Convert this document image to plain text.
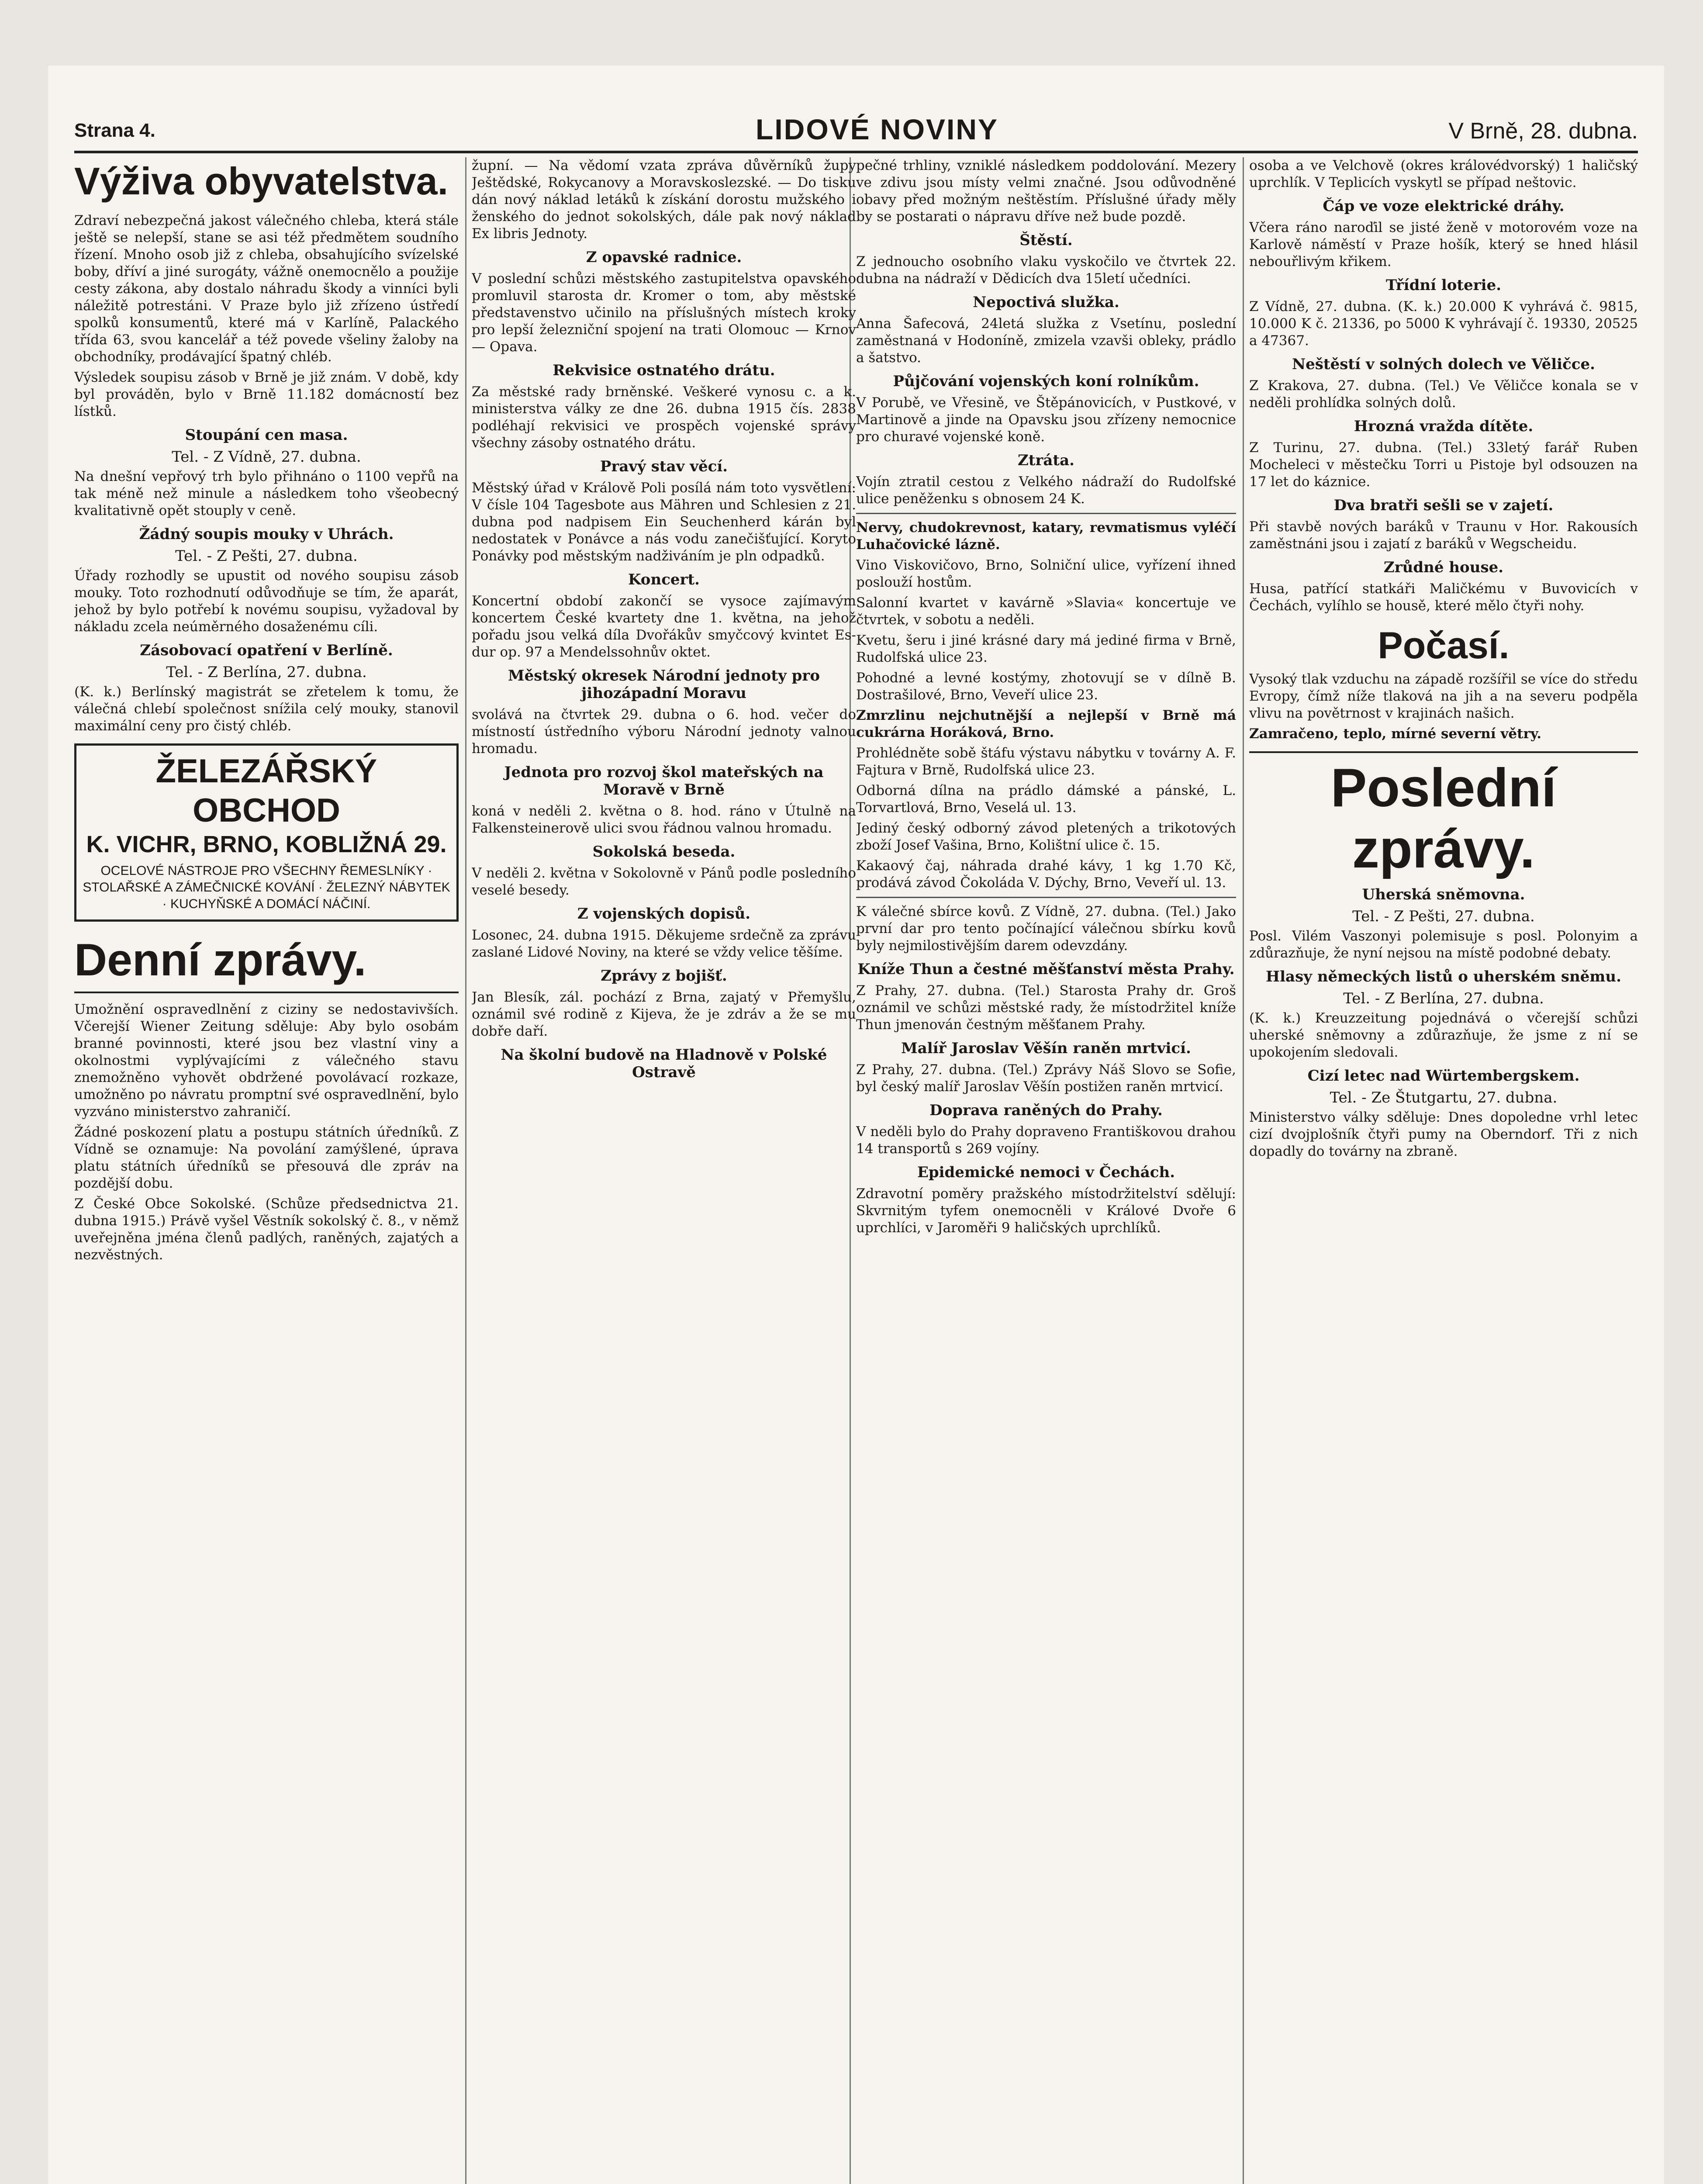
Strana 4.	LIDOVÉ NOVINY	V Brně, 28. dubna.
Výživa obyvatelstva.

Zdraví nebezpečná jakost válečného chleba, která stále ještě se nelepší, stane se asi též předmětem soudního řízení. Mnoho osob již z chleba, obsahujícího svízelské boby, dříví a jiné surogáty, vážně onemocnělo a použije cesty zákona, aby dostalo náhradu škody a vinníci byli náležitě potrestáni. V Praze bylo již zřízeno ústředí spolků konsumentů, které má v Karlíně, Palackého třída 63, svou kancelář a též povede všeliny žaloby na obchodníky, prodávající špatný chléb.

Výsledek soupisu zásob v Brně je již znám. V době, kdy byl prováděn, bylo v Brně 11.182 domácností bez lístků.

Stoupání cen masa.
Tel. - Z Vídně, 27. dubna.

Na dnešní vepřový trh bylo přihnáno o 1100 vepřů na tak méně než minule a následkem toho všeobecný kvalitativně opět stouply v ceně.

Žádný soupis mouky v Uhrách.
Tel. - Z Pešti, 27. dubna.

Úřady rozhodly se upustit od nového soupisu zásob mouky. Toto rozhodnutí odůvodňuje se tím, že aparát, jehož by bylo potřebí k novému soupisu, vyžadoval by nákladu zcela neúměrného dosaženému cíli.

Zásobovací opatření v Berlíně.
Tel. - Z Berlína, 27. dubna.

(K. k.) Berlínský magistrát se zřetelem k tomu, že válečná chlebí společnost snížila celý mouky, stanovil maximální ceny pro čistý chléb.

ŽELEZÁŘSKÝ OBCHOD
K. VICHR, BRNO, KOBLIŽNÁ 29.
OCELOVÉ NÁSTROJE PRO VŠECHNY ŘEMESLNÍKY · STOLAŘSKÉ A ZÁMEČNICKÉ KOVÁNÍ · ŽELEZNÝ NÁBYTEK · KUCHYŇSKÉ A DOMÁCÍ NÁČINÍ.
Denní zprávy.

Umožnění ospravedlnění z ciziny se nedostavivších. Včerejší Wiener Zeitung sděluje: Aby bylo osobám branné povinnosti, které jsou bez vlastní viny a okolnostmi vyplývajícími z válečného stavu znemožněno vyhovět obdržené povolávací rozkaze, umožněno po návratu promptní své ospravedlnění, bylo vyzváno ministerstvo zahraničí.

Žádné poskození platu a postupu státních úředníků. Z Vídně se oznamuje: Na povolání zamýšlené, úprava platu státních úředníků se přesouvá dle zpráv na pozdější dobu.

Z České Obce Sokolské. (Schůze předsednictva 21. dubna 1915.) Právě vyšel Věstník sokolský č. 8., v němž uveřejněna jména členů padlých, raněných, zajatých a nezvěstných.

župní. — Na vědomí vzata zpráva důvěrníků župy Ještědské, Rokycanovy a Moravskoslezské. — Do tisku dán nový náklad letáků k získání dorostu mužského i ženského do jednot sokolských, dále pak nový náklad Ex libris Jednoty.

Z opavské radnice.

V poslední schůzi městského zastupitelstva opavského promluvil starosta dr. Kromer o tom, aby městské představenstvo učinilo na příslušných místech kroky pro lepší železniční spojení na trati Olomouc — Krnov — Opava.

Rekvisice ostnatého drátu.

Za městské rady brněnské. Veškeré vynosu c. a k. ministerstva války ze dne 26. dubna 1915 čís. 2838 podléhají rekvisici ve prospěch vojenské správy všechny zásoby ostnatého drátu.

Pravý stav věcí.

Městský úřad v Králově Poli posílá nám toto vysvětlení: V čísle 104 Tagesbote aus Mähren und Schlesien z 21. dubna pod nadpisem Ein Seuchenherd kárán byl nedostatek v Ponávce a nás vodu zanečišťující. Koryto Ponávky pod městským nadživáním je pln odpadků.

Koncert.

Koncertní období zakončí se vysoce zajímavým koncertem České kvartety dne 1. května, na jehož pořadu jsou velká díla Dvořákův smyčcový kvintet Es-dur op. 97 a Mendelssohnův oktet.

Městský okresek Národní jednoty pro jihozápadní Moravu

svolává na čtvrtek 29. dubna o 6. hod. večer do místností ústředního výboru Národní jednoty valnou hromadu.

Jednota pro rozvoj škol mateřských na Moravě v Brně

koná v neděli 2. května o 8. hod. ráno v Útulně na Falkensteinerově ulici svou řádnou valnou hromadu.

Sokolská beseda.

V neděli 2. května v Sokolovně v Pánů podle posledního veselé besedy.

Z vojenských dopisů.

Losonec, 24. dubna 1915. Děkujeme srdečně za zprávu zaslané Lidové Noviny, na které se vždy velice těšíme.

Zprávy z bojišť.

Jan Blesík, zál. pochází z Brna, zajatý v Přemyšlu, oznámil své rodině z Kijeva, že je zdráv a že se mu dobře daří.

Na školní budově na Hladnově v Polské Ostravě

pečné trhliny, vzniklé následkem poddolování. Mezery ve zdivu jsou místy velmi značné. Jsou odůvodněné obavy před možným neštěstím. Příslušné úřady měly by se postarati o nápravu dříve než bude pozdě.

Štěstí.

Z jednoucho osobního vlaku vyskočilo ve čtvrtek 22. dubna na nádraží v Dědicích dva 15letí učedníci.

Nepoctivá služka.

Anna Šafecová, 24letá služka z Vsetínu, poslední zaměstnaná v Hodoníně, zmizela vzavši obleky, prádlo a šatstvo.

Půjčování vojenských koní rolníkům.

V Porubě, ve Vřesině, ve Štěpánovicích, v Pustkové, v Martinově a jinde na Opavsku jsou zřízeny nemocnice pro churavé vojenské koně.

Ztráta.

Vojín ztratil cestou z Velkého nádraží do Rudolfské ulice peněženku s obnosem 24 K.

Nervy, chudokrevnost, katary, revmatismus vyléčí Luhačovické lázně.

Vino Viskovičovo, Brno, Solniční ulice, vyřízení ihned poslouží hostům.

Salonní kvartet v kavárně »Slavia« koncertuje ve čtvrtek, v sobotu a neděli.

Kvetu, šeru i jiné krásné dary má jediné firma v Brně, Rudolfská ulice 23.

Pohodné a levné kostýmy, zhotovují se v dílně B. Dostrašilové, Brno, Veveří ulice 23.

Zmrzlinu nejchutnější a nejlepší v Brně má cukrárna Horáková, Brno.

Prohlédněte sobě štáfu výstavu nábytku v továrny A. F. Fajtura v Brně, Rudolfská ulice 23.

Odborná dílna na prádlo dámské a pánské, L. Torvartlová, Brno, Veselá ul. 13.

Jediný český odborný závod pletených a trikotových zboží Josef Vašina, Brno, Kolištní ulice č. 15.

Kakaový čaj, náhrada drahé kávy, 1 kg 1.70 Kč, prodává závod Čokoláda V. Dýchy, Brno, Veveří ul. 13.

K válečné sbírce kovů. Z Vídně, 27. dubna. (Tel.) Jako první dar pro tento počínající válečnou sbírku kovů byly nejmilostivějším darem odevzdány.

Kníže Thun a čestné měšťanství města Prahy.

Z Prahy, 27. dubna. (Tel.) Starosta Prahy dr. Groš oznámil ve schůzi městské rady, že místodržitel kníže Thun jmenován čestným měšťanem Prahy.

Malíř Jaroslav Věšín raněn mrtvicí.

Z Prahy, 27. dubna. (Tel.) Zprávy Náš Slovo se Sofie, byl český malíř Jaroslav Věšín postižen raněn mrtvicí.

Doprava raněných do Prahy.

V neděli bylo do Prahy dopraveno Františkovou drahou 14 transportů s 269 vojíny.

Epidemické nemoci v Čechách.

Zdravotní poměry pražského místodržitelství sdělují: Skvrnitým tyfem onemocněli v Králové Dvoře 6 uprchlíci, v Jaroměři 9 haličských uprchlíků.

osoba a ve Velchově (okres královédvorský) 1 haličský uprchlík. V Teplicích vyskytl se případ neštovic.

Čáp ve voze elektrické dráhy.

Včera ráno naroďil se jisté ženě v motorovém voze na Karlově náměstí v Praze hošík, který se hned hlásil nebouřlivým křikem.

Třídní loterie.

Z Vídně, 27. dubna. (K. k.) 20.000 K vyhrává č. 9815, 10.000 K č. 21336, po 5000 K vyhrávají č. 19330, 20525 a 47367.

Neštěstí v solných dolech ve Věličce.

Z Krakova, 27. dubna. (Tel.) Ve Věličce konala se v neděli prohlídka solných dolů.

Hrozná vražda dítěte.

Z Turinu, 27. dubna. (Tel.) 33letý farář Ruben Mocheleci v městečku Torri u Pistoje byl odsouzen na 17 let do káznice.

Dva bratři sešli se v zajetí.

Při stavbě nových baráků v Traunu v Hor. Rakousích zaměstnáni jsou i zajatí z baráků v Wegscheidu.

Zrůdné house.

Husa, patřící statkáři Maličkému v Buvovicích v Čechách, vylíhlo se housě, které mělo čtyři nohy.

Počasí.

Vysoký tlak vzduchu na západě rozšířil se více do středu Evropy, čímž níže tlaková na jih a na severu podpěla vlivu na povětrnost v krajinách našich.

Zamračeno, teplo, mírné severní větry.

Poslední zprávy.
Uherská sněmovna.
Tel. - Z Pešti, 27. dubna.

Posl. Vilém Vaszonyi polemisuje s posl. Polonyim a zdůrazňuje, že nyní nejsou na místě podobné debaty.

Hlasy německých listů o uherském sněmu.
Tel. - Z Berlína, 27. dubna.

(K. k.) Kreuzzeitung pojednává o včerejší schůzi uherské sněmovny a zdůrazňuje, že jsme z ní se upokojením sledovali.

Cizí letec nad Würtembergskem.
Tel. - Ze Štutgartu, 27. dubna.

Ministerstvo války sděluje: Dnes dopoledne vrhl letec cizí dvojplošník čtyři pumy na Oberndorf. Tři z nich dopadly do továrny na zbraně.
